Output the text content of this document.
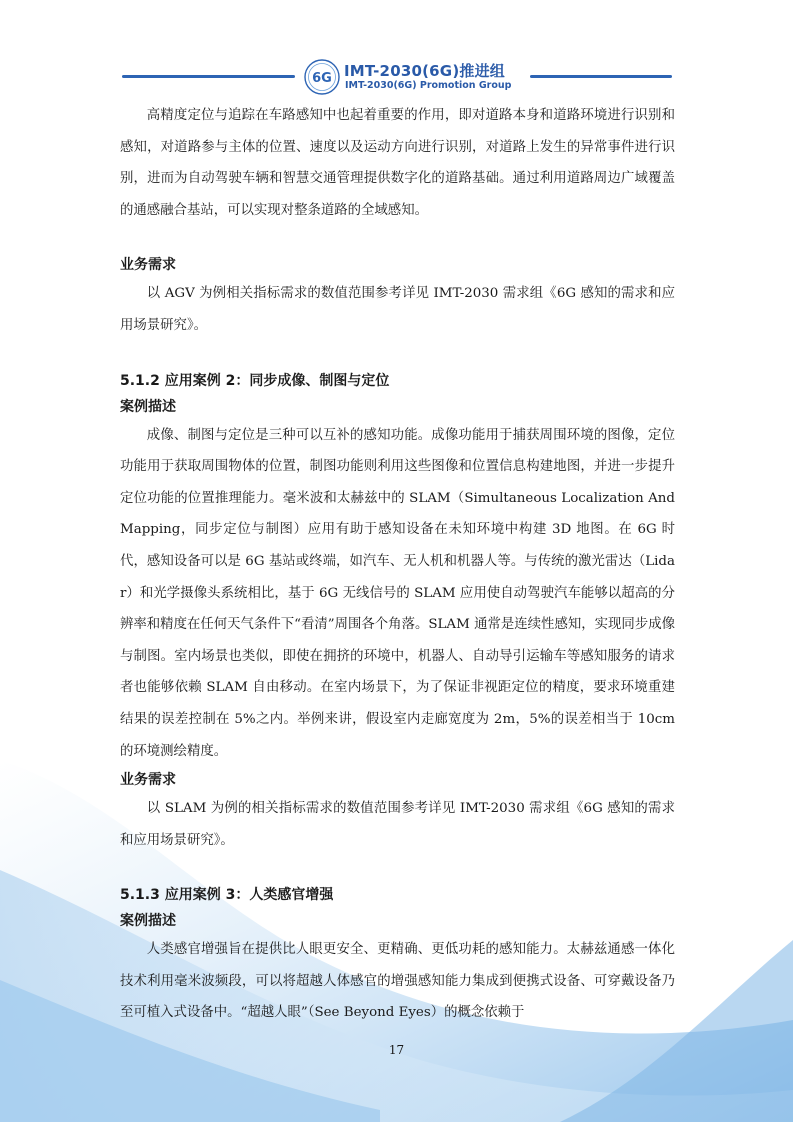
6G IMT-2030(6G)推进组
IMT-2030(6G) Promotion Group

高精度定位与追踪在车路感知中也起着重要的作用，即对道路本身和道路环境进行识别和感知，对道路参与主体的位置、速度以及运动方向进行识别，对道路上发生的异常事件进行识别，进而为自动驾驶车辆和智慧交通管理提供数字化的道路基础。通过利用道路周边广域覆盖的通感融合基站，可以实现对整条道路的全域感知。

业务需求

以 AGV 为例相关指标需求的数值范围参考详见 IMT-2030 需求组《6G 感知的需求和应用场景研究》。

5.1.2 应用案例 2：同步成像、制图与定位

案例描述

成像、制图与定位是三种可以互补的感知功能。成像功能用于捕获周围环境的图像，定位功能用于获取周围物体的位置，制图功能则利用这些图像和位置信息构建地图，并进一步提升定位功能的位置推理能力。毫米波和太赫兹中的 SLAM（Simultaneous Localization And Mapping，同步定位与制图）应用有助于感知设备在未知环境中构建 3D 地图。在 6G 时代，感知设备可以是 6G 基站或终端，如汽车、无人机和机器人等。与传统的激光雷达（Lidar）和光学摄像头系统相比，基于 6G 无线信号的 SLAM 应用使自动驾驶汽车能够以超高的分辨率和精度在任何天气条件下“看清”周围各个角落。SLAM 通常是连续性感知，实现同步成像与制图。室内场景也类似，即使在拥挤的环境中，机器人、自动导引运输车等感知服务的请求者也能够依赖 SLAM 自由移动。在室内场景下，为了保证非视距定位的精度，要求环境重建结果的误差控制在 5%之内。举例来讲，假设室内走廊宽度为 2m，5%的误差相当于 10cm 的环境测绘精度。

业务需求

以 SLAM 为例的相关指标需求的数值范围参考详见 IMT-2030 需求组《6G 感知的需求和应用场景研究》。

5.1.3 应用案例 3：人类感官增强

案例描述

人类感官增强旨在提供比人眼更安全、更精确、更低功耗的感知能力。太赫兹通感一体化技术利用毫米波频段，可以将超越人体感官的增强感知能力集成到便携式设备、可穿戴设备乃至可植入式设备中。“超越人眼”（See Beyond Eyes）的概念依赖于

17
